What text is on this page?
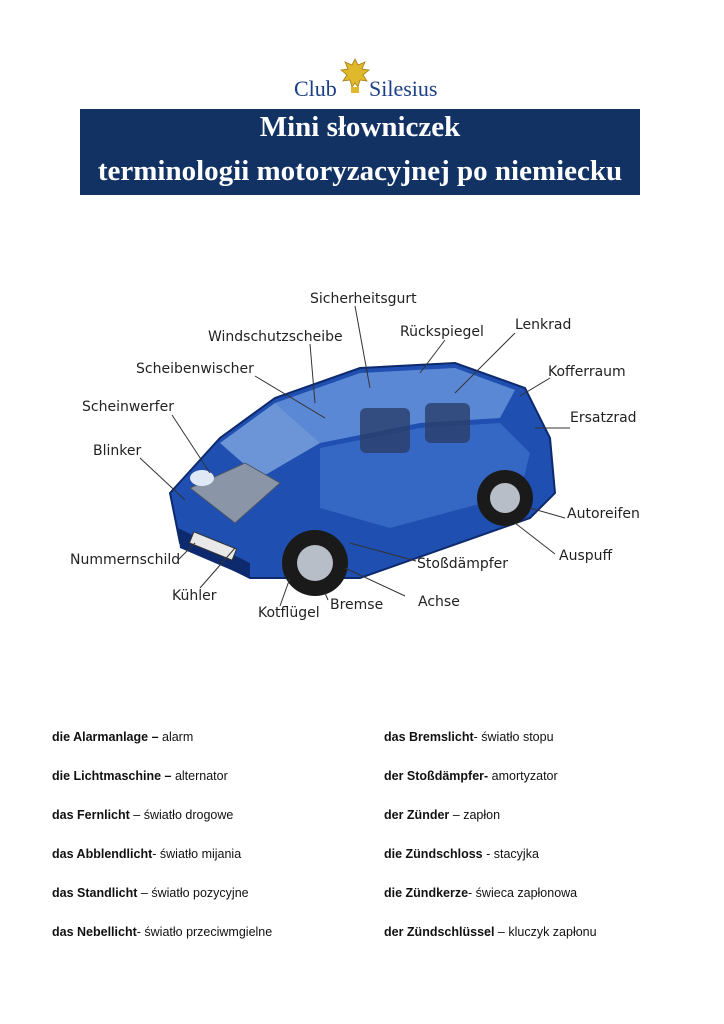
Club Silesius
Mini słowniczek
terminologii motoryzacyjnej po niemiecku
Sicherheitsgurt
Windschutzscheibe	Rückspiegel Lenkrad
Scheibenwischer	Kofferraum
Scheinwerfer
Ersatzrad
Blinker
Autoreifen
Nummernschild	Auspuff
Stoßdämpfer
Kühler	Achse
Bremse
Kotflügel
die Alarmanlage – alarm
die Lichtmaschine – alternator
das Fernlicht – światło drogowe
das Abblendlicht- światło mijania
das Standlicht – światło pozycyjne
das Nebellicht- światło przeciwmgielne
das Bremslicht- światło stopu
der Stoßdämpfer- amortyzator
der Zünder – zapłon
die Zündschloss - stacyjka
die Zündkerze- świeca zapłonowa
der Zündschlüssel – kluczyk zapłonu
